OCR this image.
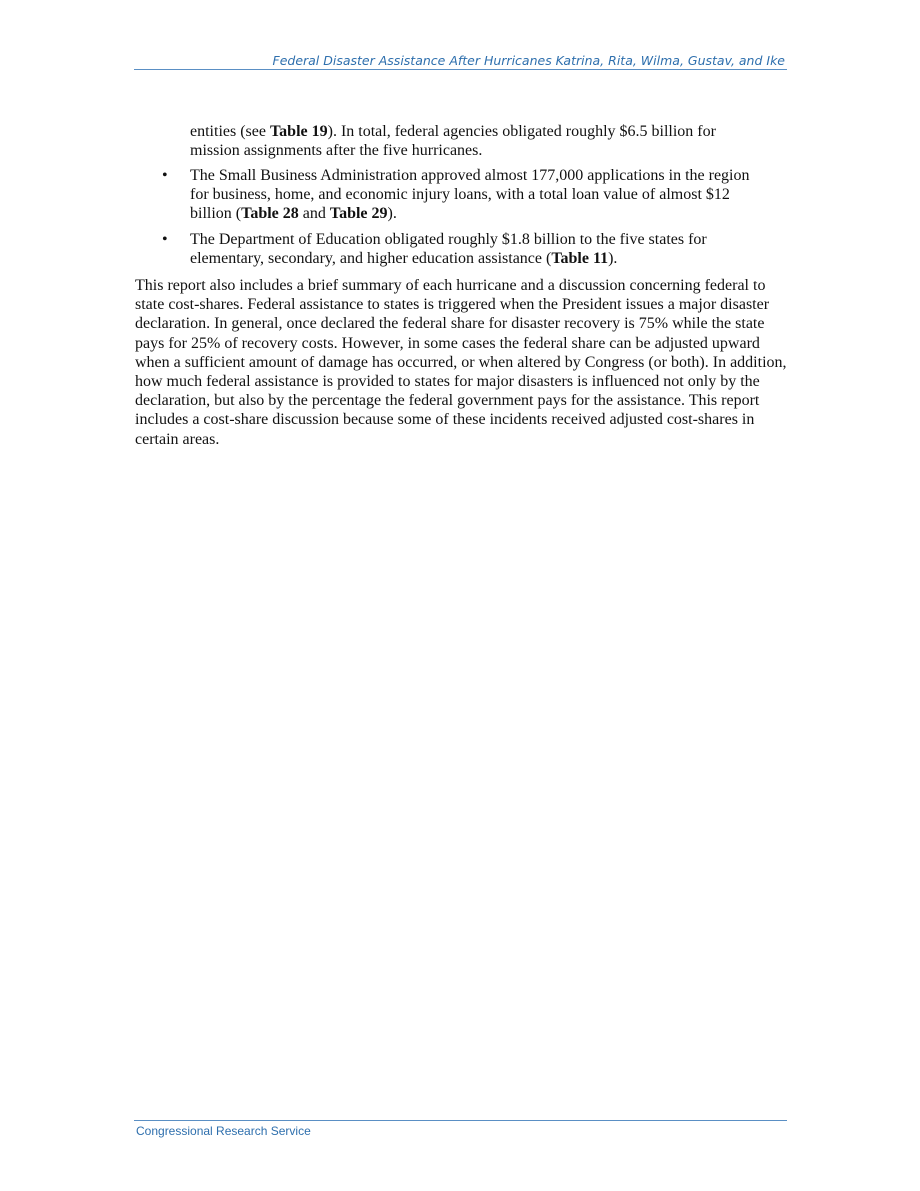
Federal Disaster Assistance After Hurricanes Katrina, Rita, Wilma, Gustav, and Ike

entities (see Table 19). In total, federal agencies obligated roughly $6.5 billion for mission assignments after the five hurricanes.

• The Small Business Administration approved almost 177,000 applications in the region for business, home, and economic injury loans, with a total loan value of almost $12 billion (Table 28 and Table 29).
• The Department of Education obligated roughly $1.8 billion to the five states for elementary, secondary, and higher education assistance (Table 11).

This report also includes a brief summary of each hurricane and a discussion concerning federal to state cost-shares. Federal assistance to states is triggered when the President issues a major disaster declaration. In general, once declared the federal share for disaster recovery is 75% while the state pays for 25% of recovery costs. However, in some cases the federal share can be adjusted upward when a sufficient amount of damage has occurred, or when altered by Congress (or both). In addition, how much federal assistance is provided to states for major disasters is influenced not only by the declaration, but also by the percentage the federal government pays for the assistance. This report includes a cost-share discussion because some of these incidents received adjusted cost-shares in certain areas.

Congressional Research Service
